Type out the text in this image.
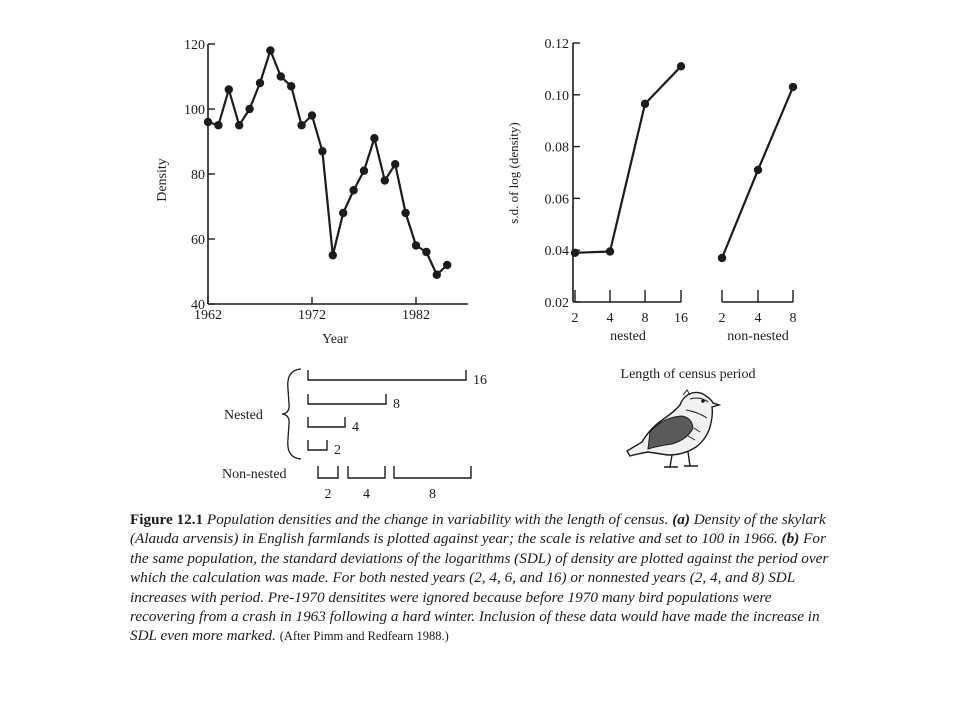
Density
Year
40
60
80
100
120
1962	1972	1982
s.d. of log (density)
Length of census period
0.02
0.04
0.06
0.08
0.10
0.12
2 4 8 16
nested
2 4 8
non-nested
Nested
Non-nested
16
8
4
2
2 4	8
Figure 12.1 Population densities and the change in variability with the length of census. (a) Density of the skylark (Alauda arvensis) in English farmlands is plotted against year; the scale is relative and set to 100 in 1966. (b) For the same population, the standard deviations of the logarithms (SDL) of density are plotted against the period over which the calculation was made. For both nested years (2, 4, 6, and 16) or nonnested years (2, 4, and 8) SDL increases with period. Pre-1970 densitites were ignored because before 1970 many bird populations were recovering from a crash in 1963 following a hard winter. Inclusion of these data would have made the increase in SDL even more marked. (After Pimm and Redfearn 1988.)
